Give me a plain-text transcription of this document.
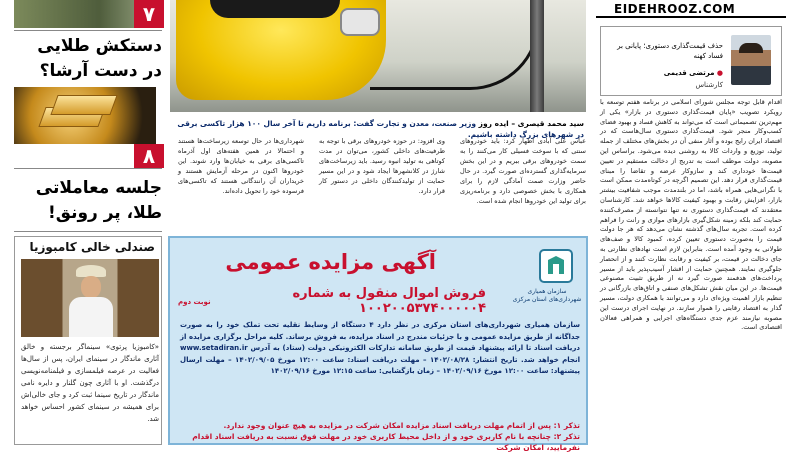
۷
دستکش طلایی در دست آرشا؟
۸
جلسه معاملاتی طلا، پر رونق!
صندلی خالی کامبوزیا
«کامبوزیا پرتوی» سینماگر برجسته و خالق آثاری ماندگار در سینمای ایران، پس از سال‌ها فعالیت در عرصه فیلمسازی و فیلمنامه‌نویسی درگذشت. او با آثاری چون گلنار و دایره نامی ماندگار در تاریخ سینما ثبت کرد و جای خالی‌اش برای همیشه در سینمای کشور احساس خواهد شد.
سید محمد قیصری – ایده روز وزیر صنعت، معدن و تجارت گفت: برنامه داریم تا آخر سال ۱۰۰ هزار تاکسی برقی در شهرهای بزرگ داشته باشیم.
عباس علی آبادی اظهار کرد: باید خودروهای سنتی که با سوخت فسیلی کار می‌کنند را به سمت خودروهای برقی ببریم و در این بخش سرمایه‌گذاری گسترده‌ای صورت گیرد. در حال حاضر وزارت صمت آمادگی لازم را برای همکاری با بخش خصوصی دارد و برنامه‌ریزی برای تولید این خودروها انجام شده است.
وی افزود: در حوزه خودروهای برقی با توجه به ظرفیت‌های داخلی کشور، می‌توان در مدت کوتاهی به تولید انبوه رسید. باید زیرساخت‌های شارژ در کلانشهرها ایجاد شود و در این مسیر حمایت از تولیدکنندگان داخلی در دستور کار قرار دارد.
شهرداری‌ها در حال توسعه زیرساخت‌ها هستند و احتمالا در همین هفته‌های اول آذرماه تاکسی‌های برقی به خیابان‌ها وارد شوند. این خودروها اکنون در مرحله آزمایش هستند و خریداران آن رانندگانی هستند که تاکسی‌های فرسوده خود را تحویل داده‌اند.
سازمان همیاری شهرداری‌های استان مرکزی
آگهی مزایده عمومی
فروش اموال منقول به شماره ۱۰۰۲۰۰۵۳۷۴۰۰۰۰۰۴
نوبت دوم
سازمان همیاری شهرداری‌های استان مرکزی در نظر دارد ۴ دستگاه از وسایط نقلیه تحت تملک خود را به صورت جداگانه از طریق مزایده عمومی و با جزئیات مندرج در اسناد مزایده، به فروش برساند. کلیه مراحل برگزاری مزایده از دریافت اسناد تا ارائه پیشنهاد قیمت از طریق سامانه تدارکات الکترونیکی دولت (ستاد) به آدرس www.setadiran.ir انجام خواهد شد. تاریخ انتشار: ۱۴۰۲/۰۸/۲۸ – مهلت دریافت اسناد: ساعت ۱۲:۰۰ مورخ ۱۴۰۲/۰۹/۰۵ – مهلت ارسال پیشنهاد: ساعت ۱۲:۰۰ مورخ ۱۴۰۲/۰۹/۱۶ – زمان بازگشایی: ساعت ۱۲:۱۵ مورخ ۱۴۰۲/۰۹/۱۶
تذکر ۱: پس از اتمام مهلت دریافت اسناد مزایده امکان شرکت در مزایده به هیچ عنوان وجود ندارد.
تذکر ۲: چنانچه با نام کاربری خود و از داخل محیط کاربری خود در مهلت فوق نسبت به دریافت اسناد اقدام نفرمایید، امکان شرکت
EIDEHROOZ.COM
حذف قیمت‌گذاری دستوری؛ پایانی بر فساد کهنه
● مرتضی قدیمی
کارشناس
اقدام قابل توجه مجلس شورای اسلامی در برنامه هفتم توسعه با رویکرد تصویب «پایان قیمت‌گذاری دستوری در بازار» یکی از مهم‌ترین تصمیماتی است که می‌تواند به کاهش فساد و بهبود فضای کسب‌وکار منجر شود. قیمت‌گذاری دستوری سال‌هاست که در اقتصاد ایران رایج بوده و آثار منفی آن در بخش‌های مختلف از جمله تولید، توزیع و واردات کالا به روشنی دیده می‌شود. براساس این مصوبه، دولت موظف است به تدریج از دخالت مستقیم در تعیین قیمت‌ها خودداری کند و سازوکار عرضه و تقاضا را مبنای قیمت‌گذاری قرار دهد. این تصمیم اگرچه در کوتاه‌مدت ممکن است با نگرانی‌هایی همراه باشد، اما در بلندمدت موجب شفافیت بیشتر بازار، افزایش رقابت و بهبود کیفیت کالاها خواهد شد. کارشناسان معتقدند که قیمت‌گذاری دستوری نه تنها نتوانسته از مصرف‌کننده حمایت کند بلکه زمینه شکل‌گیری بازارهای موازی و رانت را فراهم کرده است. تجربه سال‌های گذشته نشان می‌دهد که هر جا دولت قیمت را به‌صورت دستوری تعیین کرده، کمبود کالا و صف‌های طولانی به وجود آمده است. بنابراین لازم است نهادهای نظارتی به جای دخالت در قیمت، بر کیفیت و رقابت نظارت کنند و از انحصار جلوگیری نمایند. همچنین حمایت از اقشار آسیب‌پذیر باید از مسیر پرداخت‌های هدفمند صورت گیرد نه از طریق تثبیت مصنوعی قیمت‌ها. در این میان نقش تشکل‌های صنفی و اتاق‌های بازرگانی در تنظیم بازار اهمیت ویژه‌ای دارد و می‌توانند با همکاری دولت، مسیر گذار به اقتصاد رقابتی را هموار سازند. در نهایت اجرای درست این مصوبه نیازمند عزم جدی دستگاه‌های اجرایی و همراهی فعالان اقتصادی است.
